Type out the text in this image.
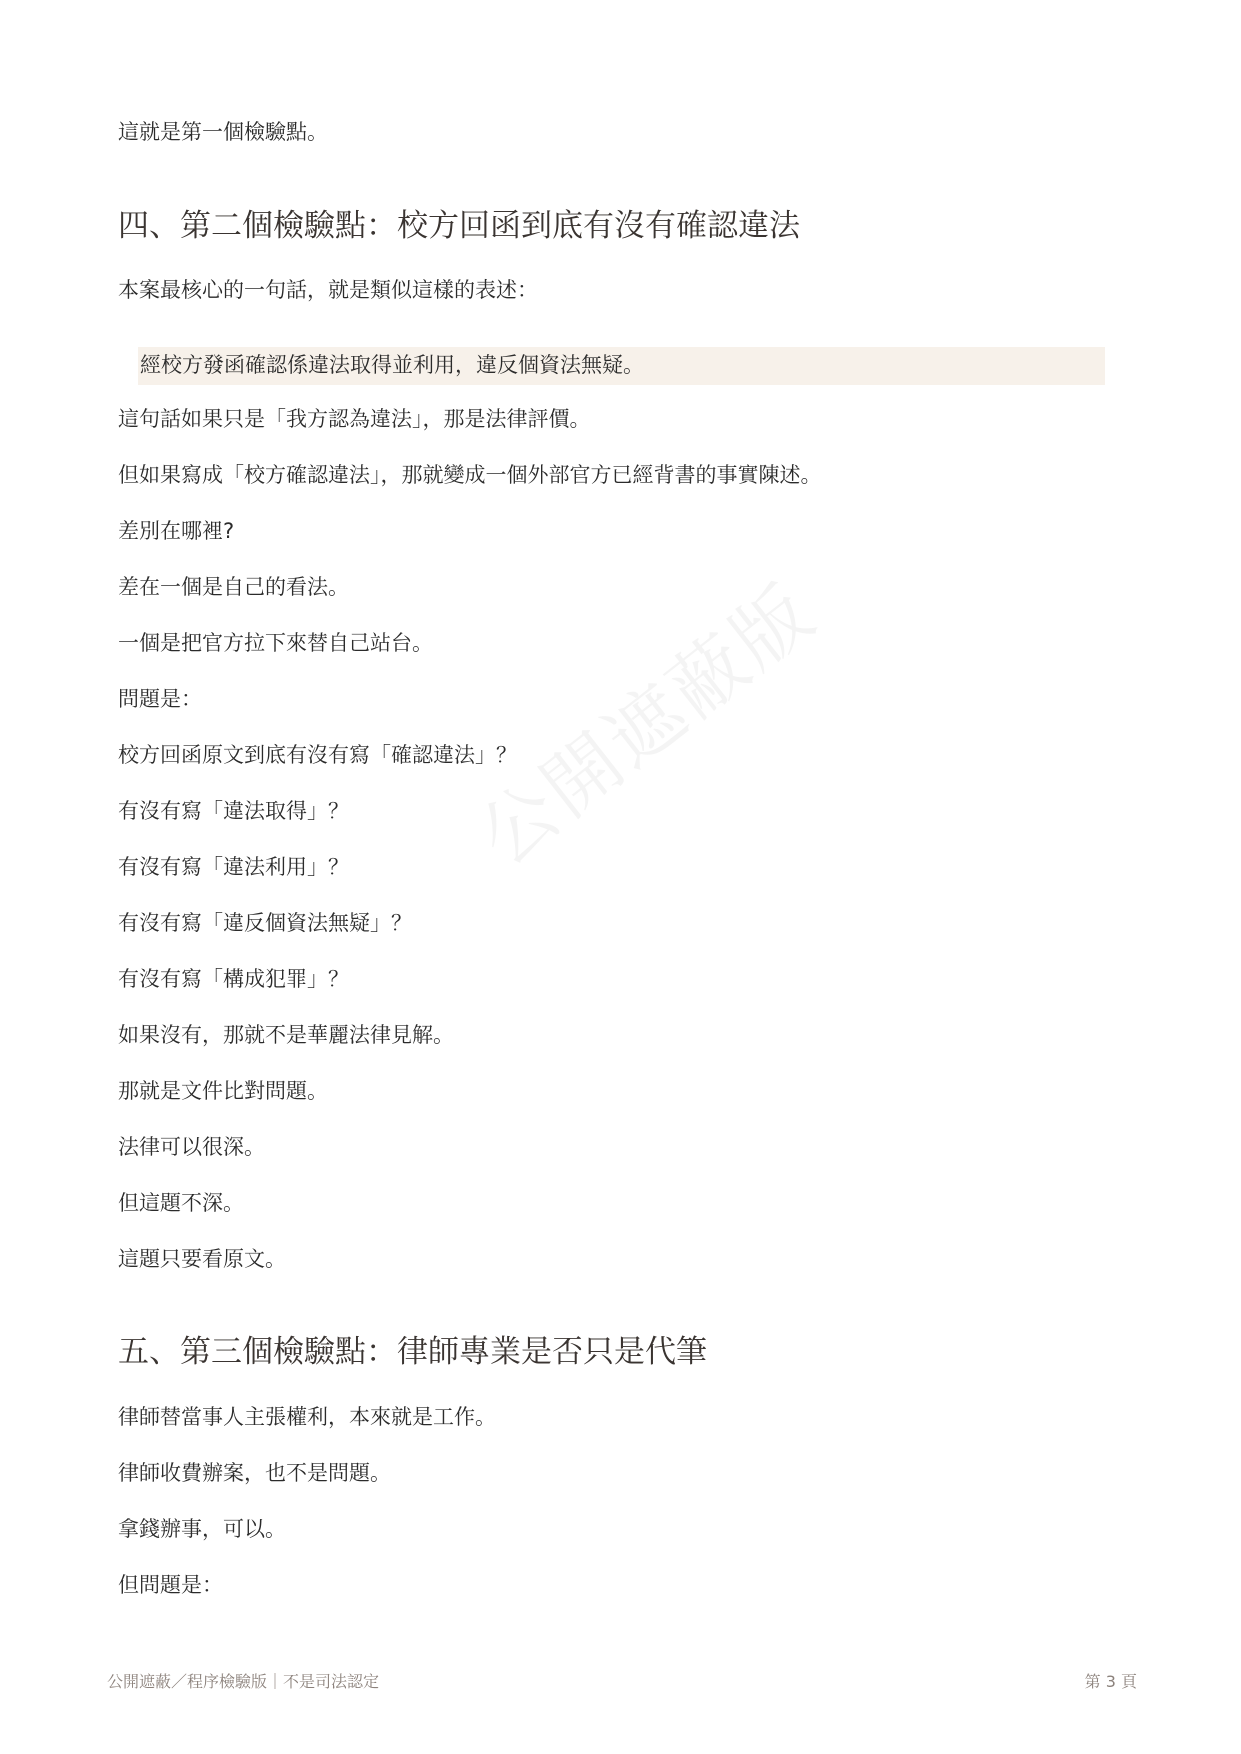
這就是第一個檢驗點。
四、第二個檢驗點：校方回函到底有沒有確認違法
本案最核心的一句話，就是類似這樣的表述：
經校方發函確認係違法取得並利用，違反個資法無疑。
這句話如果只是「我方認為違法」，那是法律評價。
但如果寫成「校方確認違法」，那就變成一個外部官方已經背書的事實陳述。
差別在哪裡?
差在一個是自己的看法。
一個是把官方拉下來替自己站台。
問題是：
校方回函原文到底有沒有寫「確認違法」？
有沒有寫「違法取得」？
有沒有寫「違法利用」？
有沒有寫「違反個資法無疑」？
有沒有寫「構成犯罪」？
如果沒有，那就不是華麗法律見解。
那就是文件比對問題。
法律可以很深。
但這題不深。
這題只要看原文。
五、第三個檢驗點：律師專業是否只是代筆
律師替當事人主張權利，本來就是工作。
律師收費辦案，也不是問題。
拿錢辦事，可以。
但問題是：
公開遮蔽／程序檢驗版｜不是司法認定	第 3 頁
